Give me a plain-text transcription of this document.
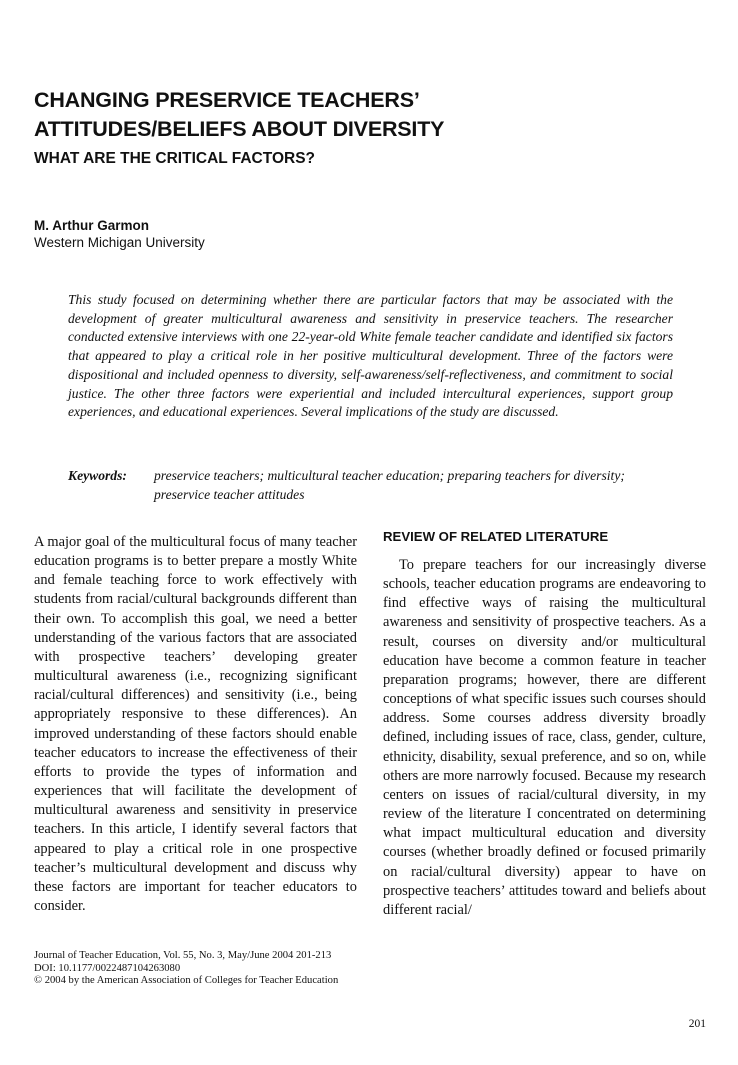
CHANGING PRESERVICE TEACHERS’
ATTITUDES/BELIEFS ABOUT DIVERSITY
WHAT ARE THE CRITICAL FACTORS?
M. Arthur Garmon
Western Michigan University
This study focused on determining whether there are particular factors that may be associated with the development of greater multicultural awareness and sensitivity in preservice teachers. The researcher conducted extensive interviews with one 22-year-old White female teacher candidate and identified six factors that appeared to play a critical role in her positive multicultural development. Three of the factors were dispositional and included openness to diversity, self-awareness/self-reflectiveness, and commitment to social justice. The other three factors were experiential and included intercultural experiences, support group experiences, and educational experiences. Several implications of the study are discussed.
Keywords: preservice teachers; multicultural teacher education; preparing teachers for diversity; preservice teacher attitudes
A major goal of the multicultural focus of many teacher education programs is to better prepare a mostly White and female teaching force to work effectively with students from racial/cultural backgrounds different than their own. To accomplish this goal, we need a better understanding of the various factors that are associated with prospective teachers’ developing greater multicultural awareness (i.e., recognizing significant racial/cultural differences) and sensitivity (i.e., being appropriately responsive to these differences). An improved understanding of these factors should enable teacher educators to increase the effectiveness of their efforts to provide the types of information and experiences that will facilitate the development of multicultural awareness and sensitivity in preservice teachers. In this article, I identify several factors that appeared to play a critical role in one prospective teacher’s multicultural development and discuss why these factors are important for teacher educators to consider.
REVIEW OF RELATED LITERATURE

To prepare teachers for our increasingly diverse schools, teacher education programs are endeavoring to find effective ways of raising the multicultural awareness and sensitivity of prospective teachers. As a result, courses on diversity and/or multicultural education have become a common feature in teacher preparation programs; however, there are different conceptions of what specific issues such courses should address. Some courses address diversity broadly defined, including issues of race, class, gender, culture, ethnicity, disability, sexual preference, and so on, while others are more narrowly focused. Because my research centers on issues of racial/cultural diversity, in my review of the literature I concentrated on determining what impact multicultural education and diversity courses (whether broadly defined or focused primarily on racial/cultural diversity) appear to have on prospective teachers’ attitudes toward and beliefs about different racial/

Journal of Teacher Education, Vol. 55, No. 3, May/June 2004 201-213
DOI: 10.1177/0022487104263080
© 2004 by the American Association of Colleges for Teacher Education
201
